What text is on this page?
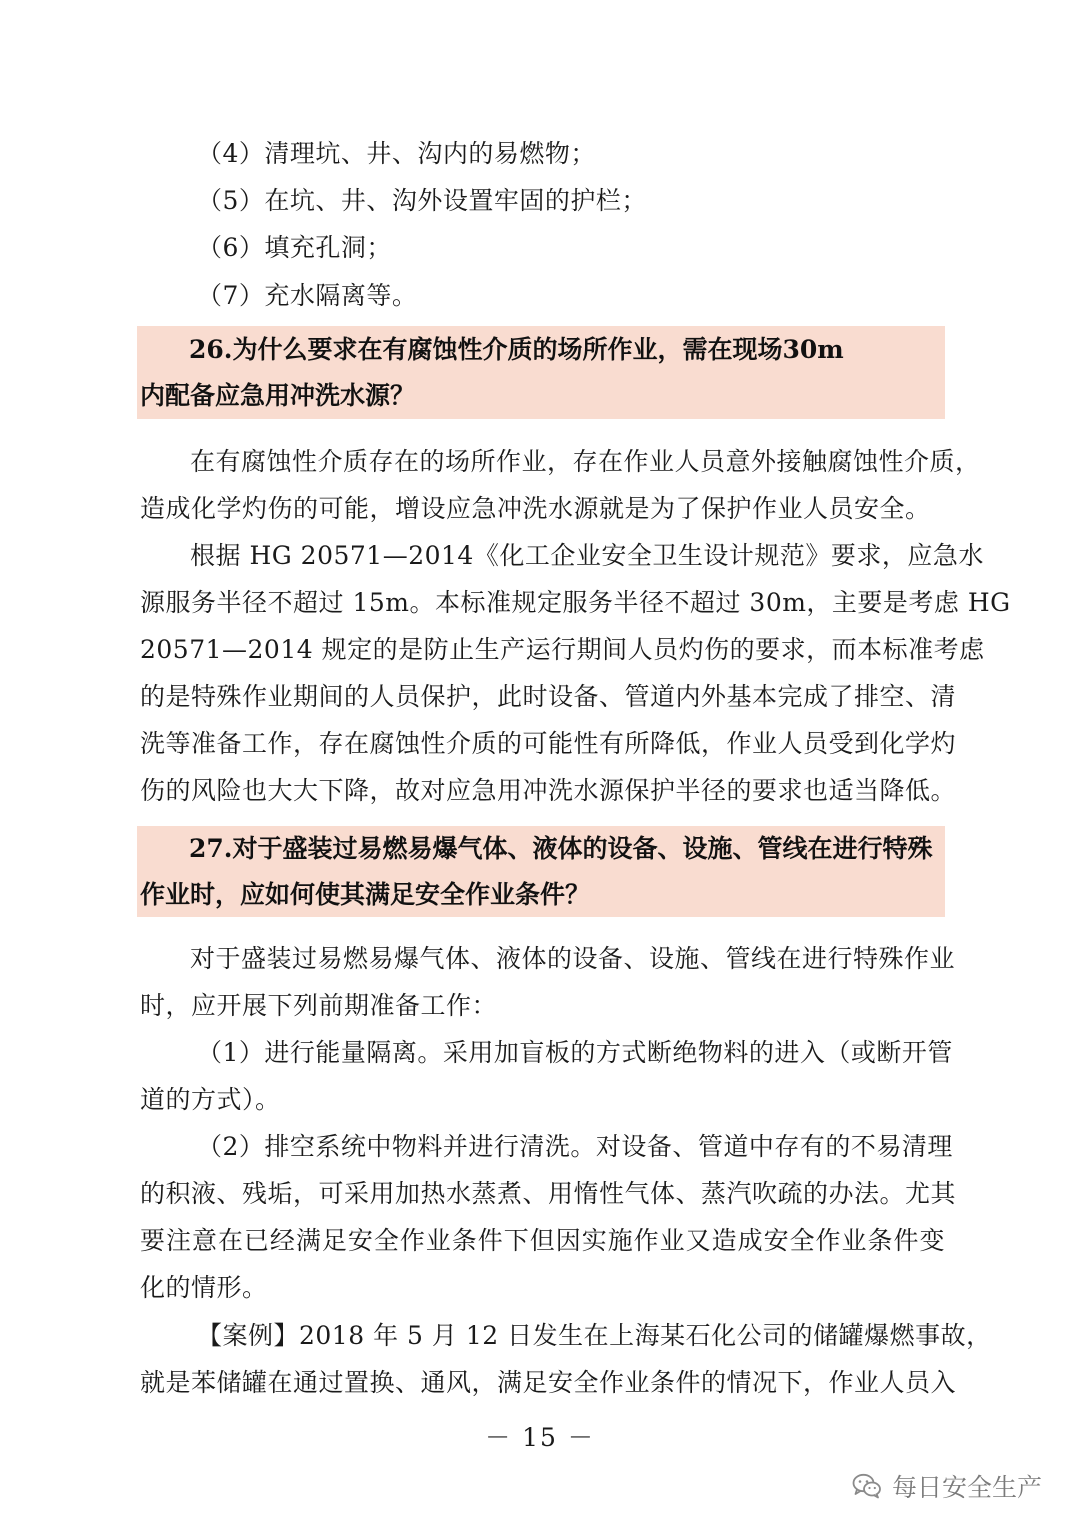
（4）清理坑、井、沟内的易燃物；
（5）在坑、井、沟外设置牢固的护栏；
（6）填充孔洞；
（7）充水隔离等。
26.为什么要求在有腐蚀性介质的场所作业，需在现场30m
内配备应急用冲洗水源？
在有腐蚀性介质存在的场所作业，存在作业人员意外接触腐蚀性介质，
造成化学灼伤的可能，增设应急冲洗水源就是为了保护作业人员安全。
根据 HG 20571—2014《化工企业安全卫生设计规范》要求，应急水
源服务半径不超过 15m。本标准规定服务半径不超过 30m，主要是考虑 HG
20571—2014 规定的是防止生产运行期间人员灼伤的要求，而本标准考虑
的是特殊作业期间的人员保护，此时设备、管道内外基本完成了排空、清
洗等准备工作，存在腐蚀性介质的可能性有所降低，作业人员受到化学灼
伤的风险也大大下降，故对应急用冲洗水源保护半径的要求也适当降低。
27.对于盛装过易燃易爆气体、液体的设备、设施、管线在进行特殊
作业时，应如何使其满足安全作业条件？
对于盛装过易燃易爆气体、液体的设备、设施、管线在进行特殊作业
时，应开展下列前期准备工作：
（1）进行能量隔离。采用加盲板的方式断绝物料的进入（或断开管
道的方式）。
（2）排空系统中物料并进行清洗。对设备、管道中存有的不易清理
的积液、残垢，可采用加热水蒸煮、用惰性气体、蒸汽吹疏的办法。尤其
要注意在已经满足安全作业条件下但因实施作业又造成安全作业条件变
化的情形。
【案例】2018 年 5 月 12 日发生在上海某石化公司的储罐爆燃事故，
就是苯储罐在通过置换、通风，满足安全作业条件的情况下，作业人员入
－ 15 －
每日安全生产
